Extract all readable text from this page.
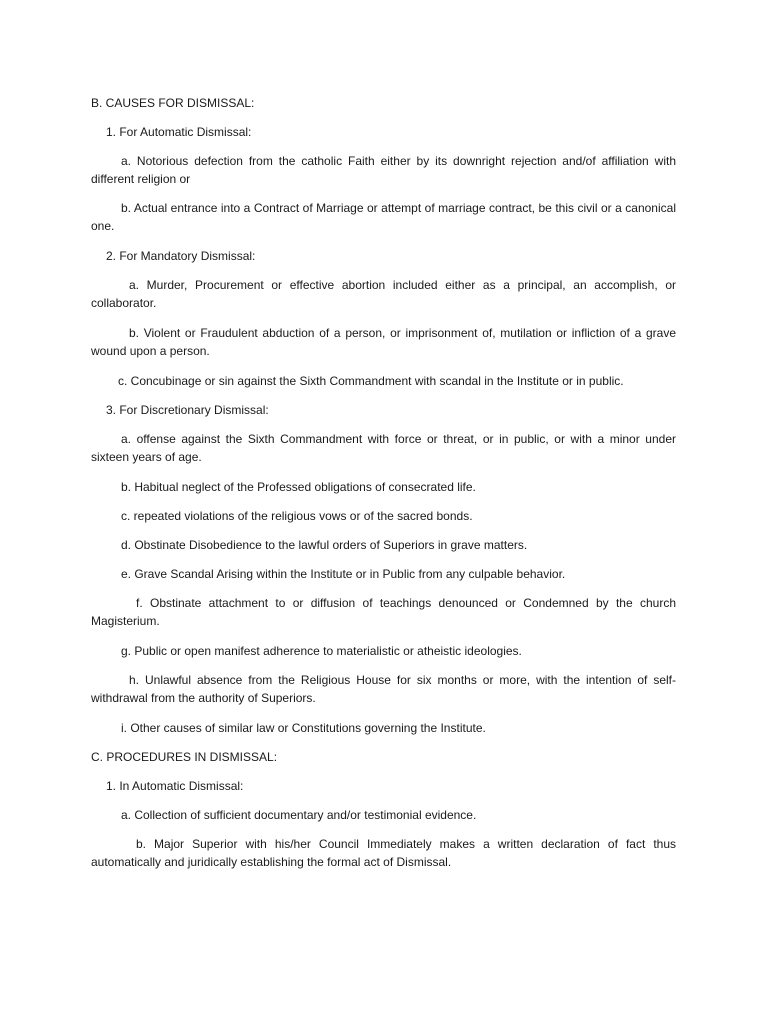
B. CAUSES FOR DISMISSAL:
1. For Automatic Dismissal:
a. Notorious defection from the catholic Faith either by its downright rejection and/of affiliation with different religion or
b. Actual entrance into a Contract of Marriage or attempt of marriage contract, be this civil or a canonical one.
2. For Mandatory Dismissal:
a. Murder, Procurement or effective abortion included either as a principal, an accomplish, or collaborator.
b. Violent or Fraudulent abduction of a person, or imprisonment of, mutilation or infliction of a grave wound upon a person.
c. Concubinage or sin against the Sixth Commandment with scandal in the Institute or in public.
3. For Discretionary Dismissal:
a. offense against the Sixth Commandment with force or threat, or in public, or with a minor under sixteen years of age.
b. Habitual neglect of the Professed obligations of consecrated life.
c. repeated violations of the religious vows or of the sacred bonds.
d. Obstinate Disobedience to the lawful orders of Superiors in grave matters.
e. Grave Scandal Arising within the Institute or in Public from any culpable behavior.
f. Obstinate attachment to or diffusion of teachings denounced or Condemned by the church Magisterium.
g. Public or open manifest adherence to materialistic or atheistic ideologies.
h. Unlawful absence from the Religious House for six months or more, with the intention of self-withdrawal from the authority of Superiors.
i. Other causes of similar law or Constitutions governing the Institute.
C. PROCEDURES IN DISMISSAL:
1. In Automatic Dismissal:
a. Collection of sufficient documentary and/or testimonial evidence.
b. Major Superior with his/her Council Immediately makes a written declaration of fact thus automatically and juridically establishing the formal act of Dismissal.
